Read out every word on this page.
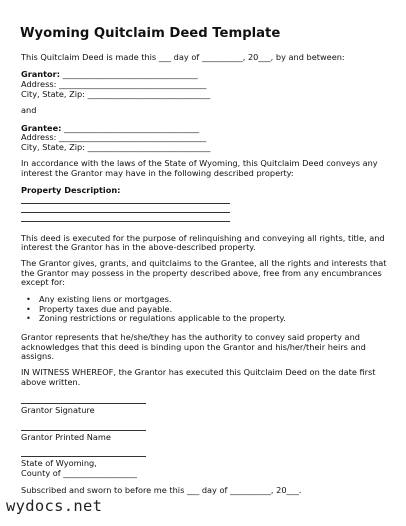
Wyoming Quitclaim Deed Template
This Quitclaim Deed is made this ___ day of __________, 20___, by and between:
Grantor: _________________________________
Address: ____________________________________
City, State, Zip: ______________________________
and
Grantee: _________________________________
Address: ____________________________________
City, State, Zip: ______________________________
In accordance with the laws of the State of Wyoming, this Quitclaim Deed conveys any
interest the Grantor may have in the following described property:
Property Description:
This deed is executed for the purpose of relinquishing and conveying all rights, title, and
interest the Grantor has in the above-described property.
The Grantor gives, grants, and quitclaims to the Grantee, all the rights and interests that
the Grantor may possess in the property described above, free from any encumbrances
except for:
• Any existing liens or mortgages.
• Property taxes due and payable.
• Zoning restrictions or regulations applicable to the property.
Grantor represents that he/she/they has the authority to convey said property and
acknowledges that this deed is binding upon the Grantor and his/her/their heirs and
assigns.
IN WITNESS WHEREOF, the Grantor has executed this Quitclaim Deed on the date first
above written.
Grantor Signature
Grantor Printed Name
State of Wyoming,
County of __________________
Subscribed and sworn to before me this ___ day of __________, 20___.
wydocs.net
